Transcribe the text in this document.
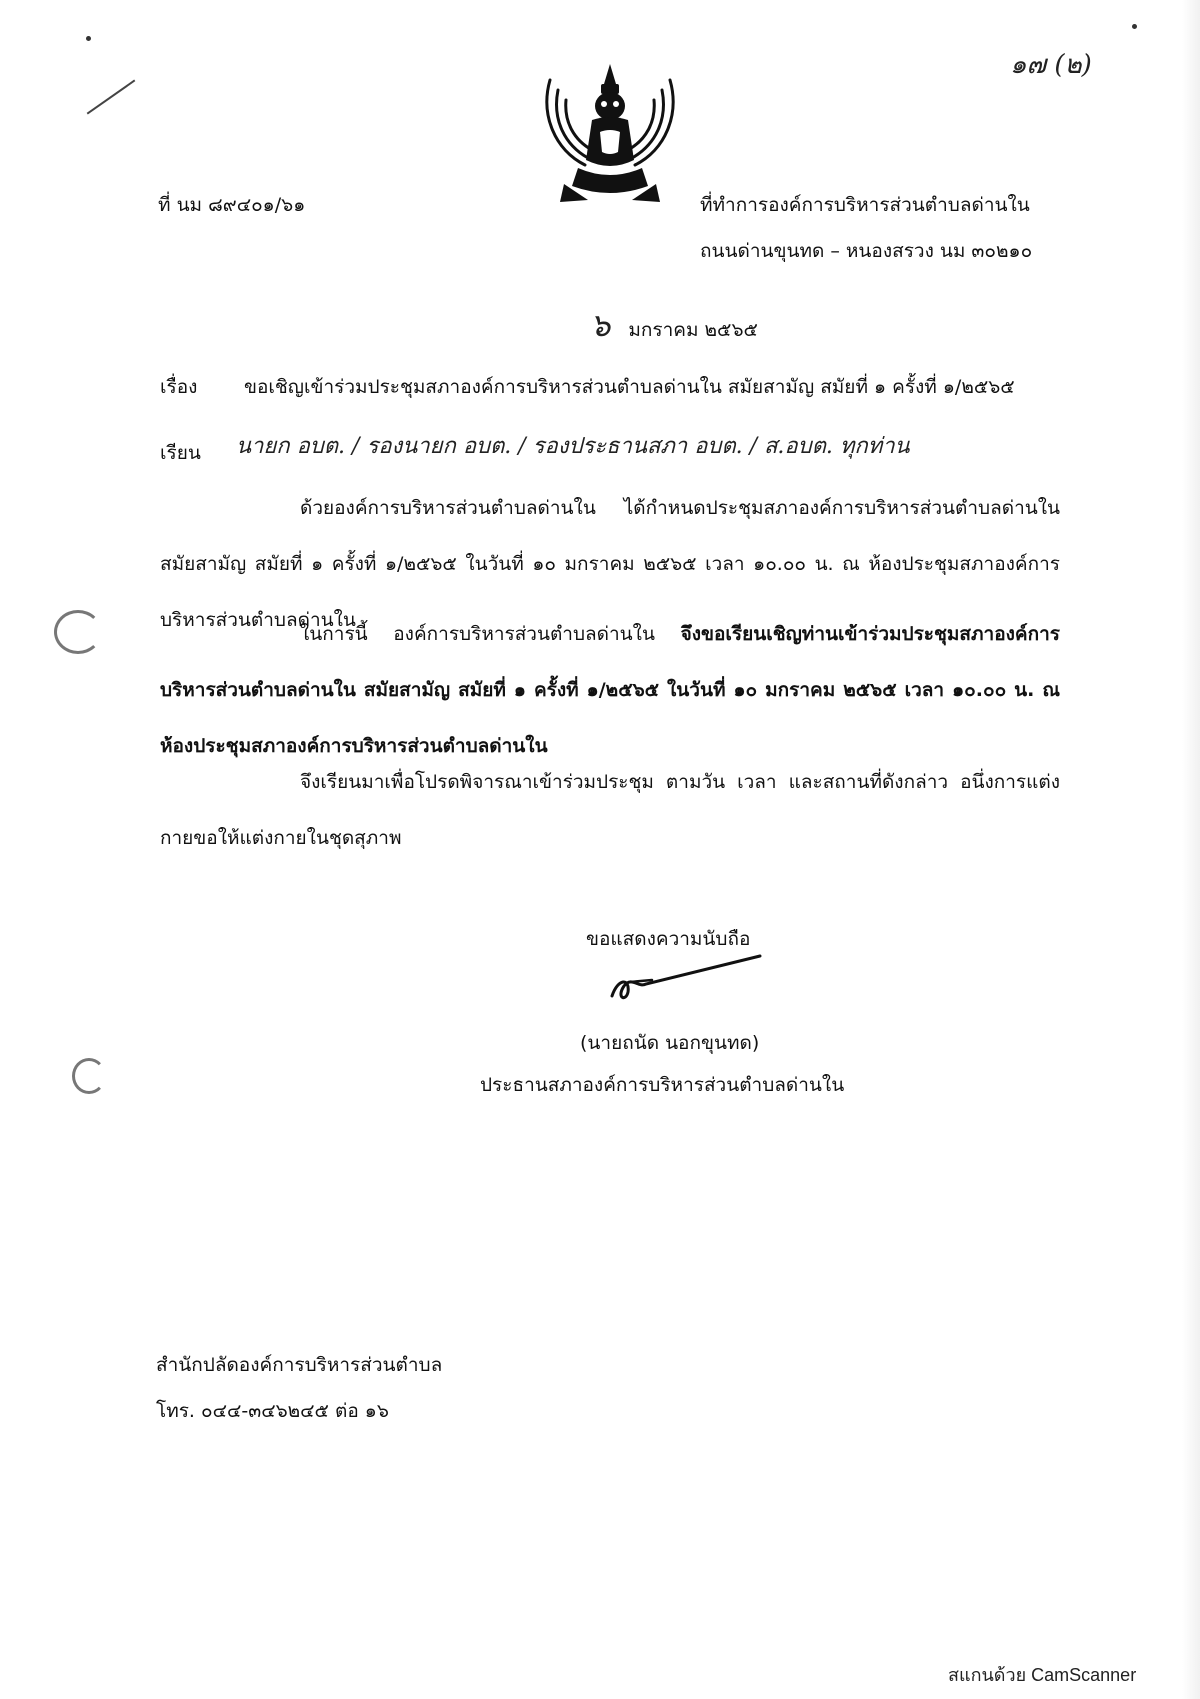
๑๗ (๒)
ที่ นม ๘๙๔๐๑/๖๑	ที่ทำการองค์การบริหารส่วนตำบลด่านใน
ถนนด่านขุนทด – หนองสรวง นม ๓๐๒๑๐
๖ มกราคม ๒๕๖๕
เรื่อง ขอเชิญเข้าร่วมประชุมสภาองค์การบริหารส่วนตำบลด่านใน สมัยสามัญ สมัยที่ ๑ ครั้งที่ ๑/๒๕๖๕
เรียน นายก อบต. / รองนายก อบต. / รองประธานสภา อบต. / ส.อบต. ทุกท่าน
ด้วยองค์การบริหารส่วนตำบลด่านใน ได้กำหนดประชุมสภาองค์การบริหารส่วนตำบลด่านใน สมัยสามัญ สมัยที่ ๑ ครั้งที่ ๑/๒๕๖๕ ในวันที่ ๑๐ มกราคม ๒๕๖๕ เวลา ๑๐.๐๐ น. ณ ห้องประชุมสภาองค์การบริหารส่วนตำบลด่านใน
ในการนี้ องค์การบริหารส่วนตำบลด่านใน จึงขอเรียนเชิญท่านเข้าร่วมประชุมสภาองค์การบริหารส่วนตำบลด่านใน สมัยสามัญ สมัยที่ ๑ ครั้งที่ ๑/๒๕๖๕ ในวันที่ ๑๐ มกราคม ๒๕๖๕ เวลา ๑๐.๐๐ น. ณ ห้องประชุมสภาองค์การบริหารส่วนตำบลด่านใน
จึงเรียนมาเพื่อโปรดพิจารณาเข้าร่วมประชุม ตามวัน เวลา และสถานที่ดังกล่าว อนึ่งการแต่งกายขอให้แต่งกายในชุดสุภาพ
ขอแสดงความนับถือ
(นายถนัด นอกขุนทด)
ประธานสภาองค์การบริหารส่วนตำบลด่านใน
สำนักปลัดองค์การบริหารส่วนตำบล
โทร. ๐๔๔-๓๔๖๒๔๕ ต่อ ๑๖
สแกนด้วย CamScanner
